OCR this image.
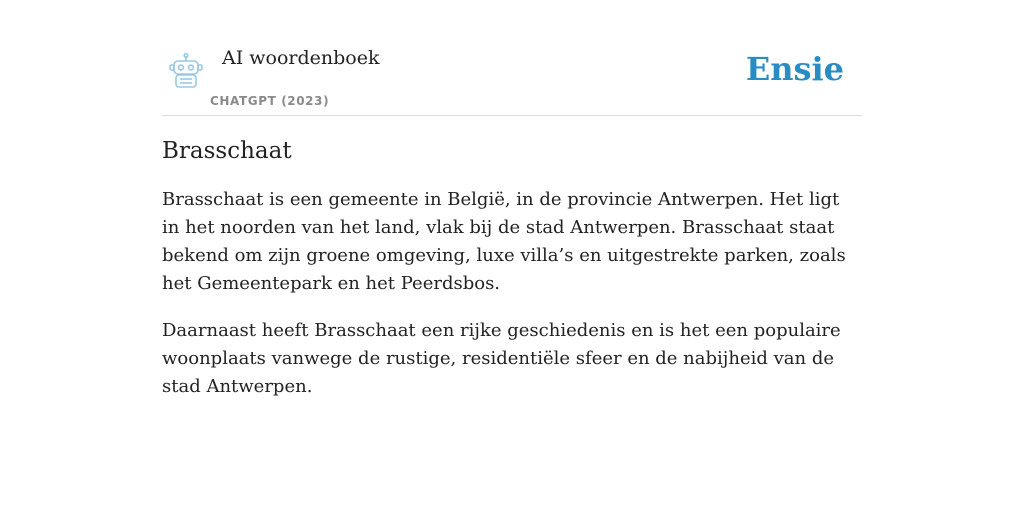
AI woordenboek
CHATGPT (2023)
Ensie
Brasschaat

Brasschaat is een gemeente in België, in de provincie Antwerpen. Het ligt in het noorden van het land, vlak bij de stad Antwerpen. Brasschaat staat bekend om zijn groene omgeving, luxe villa’s en uitgestrekte parken, zoals het Gemeentepark en het Peerdsbos.

Daarnaast heeft Brasschaat een rijke geschiedenis en is het een populaire woonplaats vanwege de rustige, residentiële sfeer en de nabijheid van de stad Antwerpen.
